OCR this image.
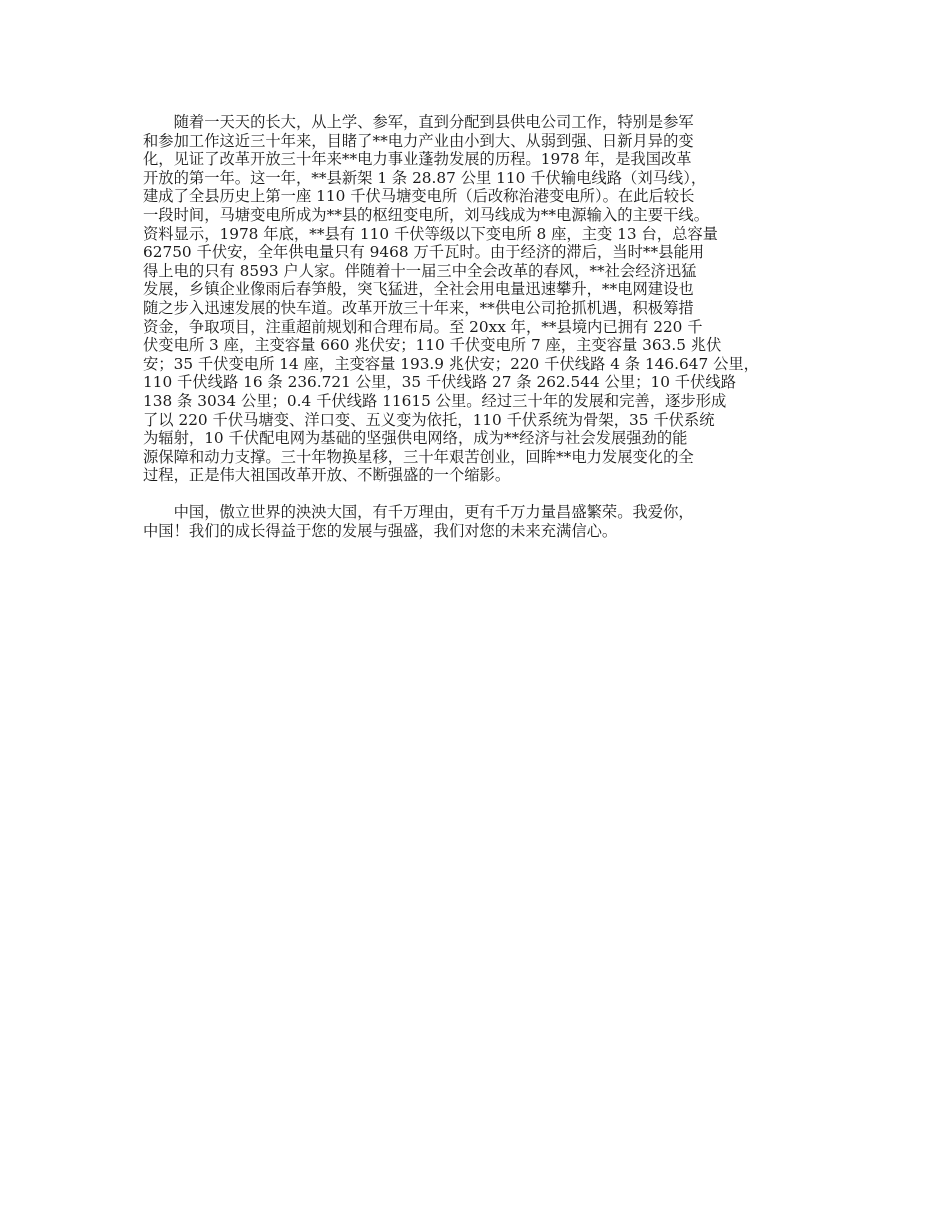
　　随着一天天的长大，从上学、参军，直到分配到县供电公司工作，特别是参军
和参加工作这近三十年来，目睹了**电力产业由小到大、从弱到强、日新月异的变
化，见证了改革开放三十年来**电力事业蓬勃发展的历程。1978 年，是我国改革
开放的第一年。这一年，**县新架 1 条 28.87 公里 110 千伏输电线路（刘马线），
建成了全县历史上第一座 110 千伏马塘变电所（后改称治港变电所）。在此后较长
一段时间，马塘变电所成为**县的枢纽变电所，刘马线成为**电源输入的主要干线。
资料显示，1978 年底，**县有 110 千伏等级以下变电所 8 座，主变 13 台，总容量
62750 千伏安，全年供电量只有 9468 万千瓦时。由于经济的滞后，当时**县能用
得上电的只有 8593 户人家。伴随着十一届三中全会改革的春风，**社会经济迅猛
发展，乡镇企业像雨后春笋般，突飞猛进，全社会用电量迅速攀升，**电网建设也
随之步入迅速发展的快车道。改革开放三十年来，**供电公司抢抓机遇，积极筹措
资金，争取项目，注重超前规划和合理布局。至 20xx 年，**县境内已拥有 220 千
伏变电所 3 座，主变容量 660 兆伏安；110 千伏变电所 7 座，主变容量 363.5 兆伏
安；35 千伏变电所 14 座，主变容量 193.9 兆伏安；220 千伏线路 4 条 146.647 公里，
110 千伏线路 16 条 236.721 公里，35 千伏线路 27 条 262.544 公里；10 千伏线路
138 条 3034 公里；0.4 千伏线路 11615 公里。经过三十年的发展和完善，逐步形成
了以 220 千伏马塘变、洋口变、五义变为依托，110 千伏系统为骨架，35 千伏系统
为辐射，10 千伏配电网为基础的坚强供电网络，成为**经济与社会发展强劲的能
源保障和动力支撑。三十年物换星移，三十年艰苦创业，回眸**电力发展变化的全
过程，正是伟大祖国改革开放、不断强盛的一个缩影。
　　中国，傲立世界的泱泱大国，有千万理由，更有千万力量昌盛繁荣。我爱你，
中国！我们的成长得益于您的发展与强盛，我们对您的未来充满信心。
